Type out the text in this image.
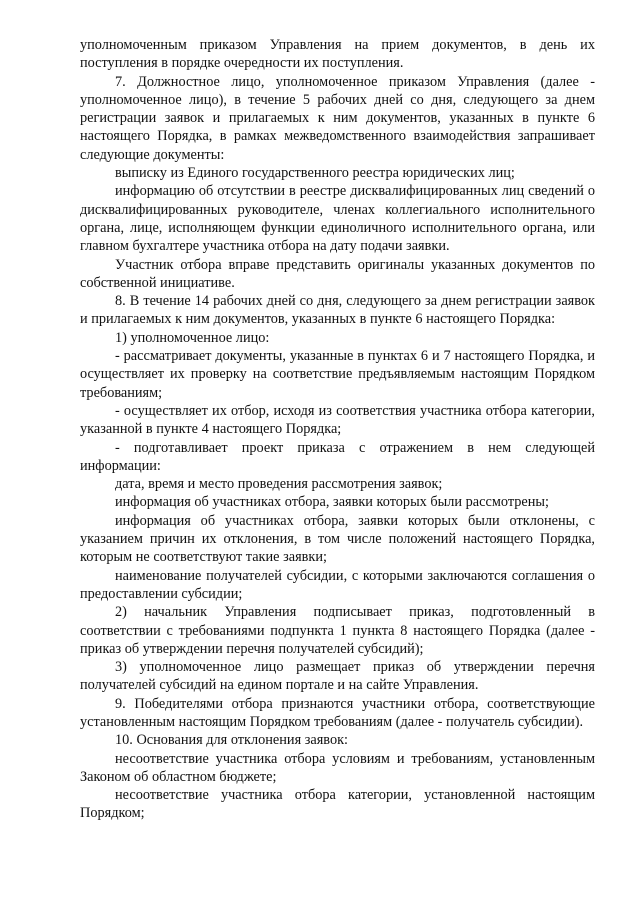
уполномоченным приказом Управления на прием документов, в день их поступления в порядке очередности их поступления.

7. Должностное лицо, уполномоченное приказом Управления (далее - уполномоченное лицо), в течение 5 рабочих дней со дня, следующего за днем регистрации заявок и прилагаемых к ним документов, указанных в пункте 6 настоящего Порядка, в рамках межведомственного взаимодействия запрашивает следующие документы:

выписку из Единого государственного реестра юридических лиц;

информацию об отсутствии в реестре дисквалифицированных лиц сведений о дисквалифицированных руководителе, членах коллегиального исполнительного органа, лице, исполняющем функции единоличного исполнительного органа, или главном бухгалтере участника отбора на дату подачи заявки.

Участник отбора вправе представить оригиналы указанных документов по собственной инициативе.

8. В течение 14 рабочих дней со дня, следующего за днем регистрации заявок и прилагаемых к ним документов, указанных в пункте 6 настоящего Порядка:

1) уполномоченное лицо:

- рассматривает документы, указанные в пунктах 6 и 7 настоящего Порядка, и осуществляет их проверку на соответствие предъявляемым настоящим Порядком требованиям;

- осуществляет их отбор, исходя из соответствия участника отбора категории, указанной в пункте 4 настоящего Порядка;

- подготавливает проект приказа с отражением в нем следующей информации:

дата, время и место проведения рассмотрения заявок;

информация об участниках отбора, заявки которых были рассмотрены;

информация об участниках отбора, заявки которых были отклонены, с указанием причин их отклонения, в том числе положений настоящего Порядка, которым не соответствуют такие заявки;

наименование получателей субсидии, с которыми заключаются соглашения о предоставлении субсидии;

2) начальник Управления подписывает приказ, подготовленный в соответствии с требованиями подпункта 1 пункта 8 настоящего Порядка (далее - приказ об утверждении перечня получателей субсидий);

3) уполномоченное лицо размещает приказ об утверждении перечня получателей субсидий на едином портале и на сайте Управления.

9. Победителями отбора признаются участники отбора, соответствующие установленным настоящим Порядком требованиям (далее - получатель субсидии).

10. Основания для отклонения заявок:

несоответствие участника отбора условиям и требованиям, установленным Законом об областном бюджете;

несоответствие участника отбора категории, установленной настоящим Порядком;
